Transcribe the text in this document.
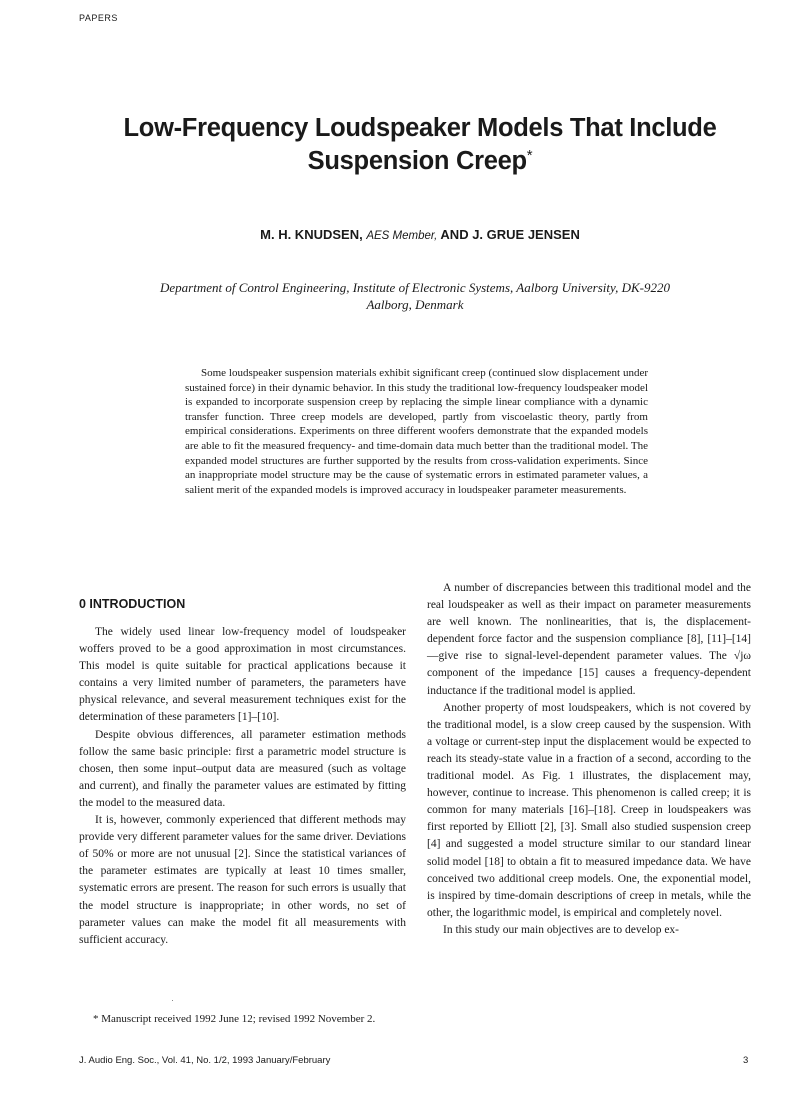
PAPERS
Low-Frequency Loudspeaker Models That Include
Suspension Creep*
M. H. KNUDSEN, AES Member, AND J. GRUE JENSEN
Department of Control Engineering, Institute of Electronic Systems, Aalborg University, DK-9220
Aalborg, Denmark

Some loudspeaker suspension materials exhibit significant creep (continued slow displacement under sustained force) in their dynamic behavior. In this study the traditional low-frequency loudspeaker model is expanded to incorporate suspension creep by replacing the simple linear compliance with a dynamic transfer function. Three creep models are developed, partly from viscoelastic theory, partly from empirical considerations. Experiments on three different woofers demonstrate that the expanded models are able to fit the measured frequency- and time-domain data much better than the traditional model. The expanded model structures are further supported by the results from cross-validation experiments. Since an inappropriate model structure may be the cause of systematic errors in estimated parameter values, a salient merit of the expanded models is improved accuracy in loudspeaker parameter measurements.

0 INTRODUCTION

The widely used linear low-frequency model of loudspeaker woffers proved to be a good approximation in most circumstances. This model is quite suitable for practical applications because it contains a very limited number of parameters, the parameters have physical relevance, and several measurement techniques exist for the determination of these parameters [1]–[10].

Despite obvious differences, all parameter estimation methods follow the same basic principle: first a parametric model structure is chosen, then some input–output data are measured (such as voltage and current), and finally the parameter values are estimated by fitting the model to the measured data.

It is, however, commonly experienced that different methods may provide very different parameter values for the same driver. Deviations of 50% or more are not unusual [2]. Since the statistical variances of the parameter estimates are typically at least 10 times smaller, systematic errors are present. The reason for such errors is usually that the model structure is inappropriate; in other words, no set of parameter values can make the model fit all measurements with sufficient accuracy.

* Manuscript received 1992 June 12; revised 1992 November 2.

A number of discrepancies between this traditional model and the real loudspeaker as well as their impact on parameter measurements are well known. The nonlinearities, that is, the displacement-dependent force factor and the suspension compliance [8], [11]–[14] —give rise to signal-level-dependent parameter values. The √jω component of the impedance [15] causes a frequency-dependent inductance if the traditional model is applied.

Another property of most loudspeakers, which is not covered by the traditional model, is a slow creep caused by the suspension. With a voltage or current-step input the displacement would be expected to reach its steady-state value in a fraction of a second, according to the traditional model. As Fig. 1 illustrates, the displacement may, however, continue to increase. This phenomenon is called creep; it is common for many materials [16]–[18]. Creep in loudspeakers was first reported by Elliott [2], [3]. Small also studied suspension creep [4] and suggested a model structure similar to our standard linear solid model [18] to obtain a fit to measured impedance data. We have conceived two additional creep models. One, the exponential model, is inspired by time-domain descriptions of creep in metals, while the other, the logarithmic model, is empirical and completely novel.

In this study our main objectives are to develop ex-

J. Audio Eng. Soc., Vol. 41, No. 1/2, 1993 January/February	3
